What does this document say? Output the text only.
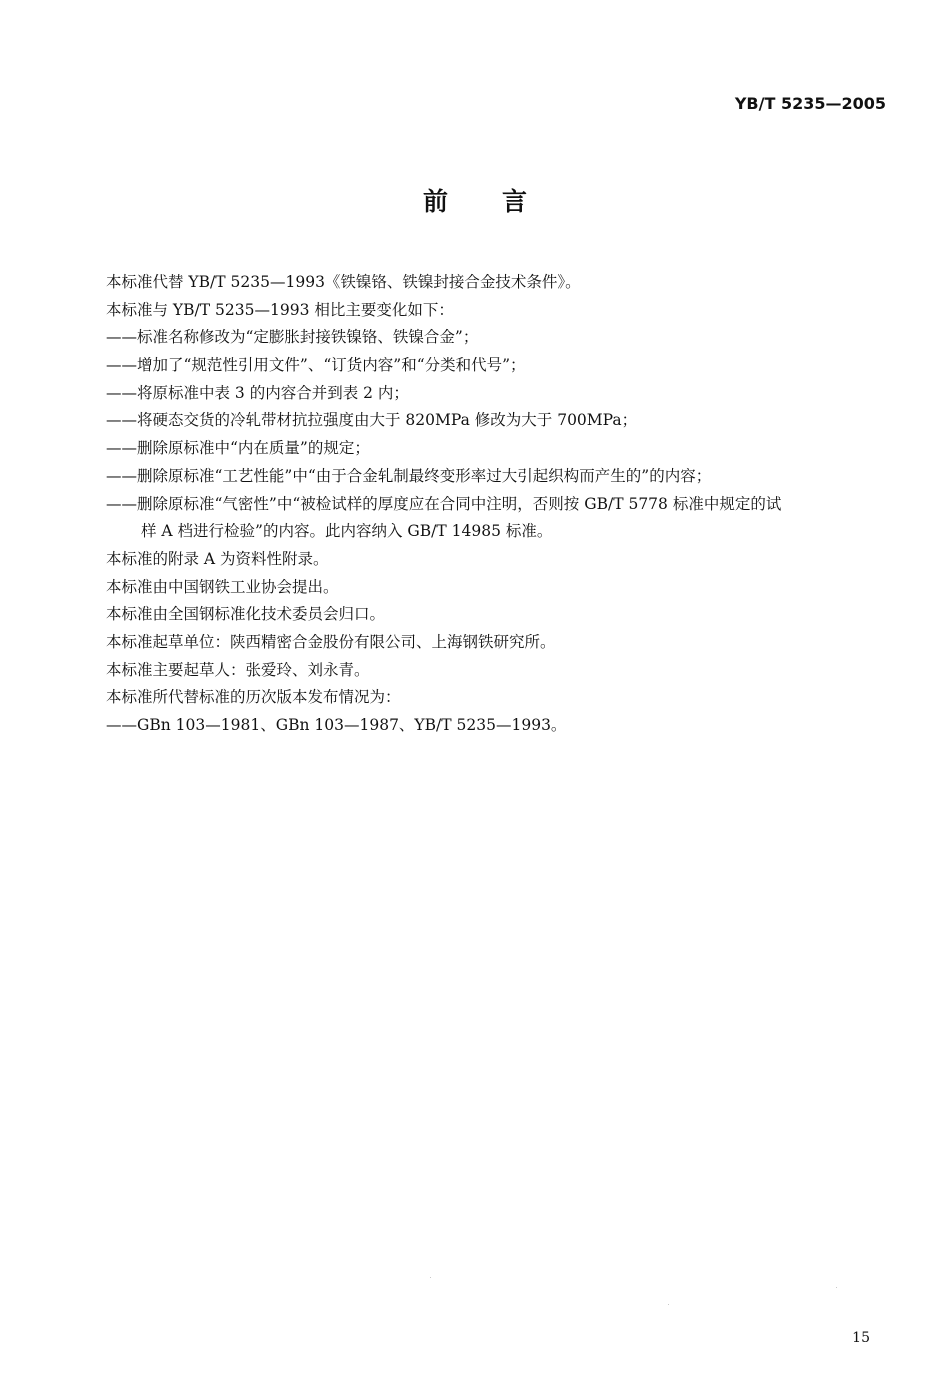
YB/T 5235—2005
前 言
本标准代替 YB/T 5235—1993《铁镍铬、铁镍封接合金技术条件》。
本标准与 YB/T 5235—1993 相比主要变化如下：
——标准名称修改为“定膨胀封接铁镍铬、铁镍合金”；
——增加了“规范性引用文件”、“订货内容”和“分类和代号”；
——将原标准中表 3 的内容合并到表 2 内；
——将硬态交货的冷轧带材抗拉强度由大于 820MPa 修改为大于 700MPa；
——删除原标准中“内在质量”的规定；
——删除原标准“工艺性能”中“由于合金轧制最终变形率过大引起织构而产生的”的内容；
——删除原标准“气密性”中“被检试样的厚度应在合同中注明，否则按 GB/T 5778 标准中规定的试
样 A 档进行检验”的内容。此内容纳入 GB/T 14985 标准。
本标准的附录 A 为资料性附录。
本标准由中国钢铁工业协会提出。
本标准由全国钢标准化技术委员会归口。
本标准起草单位：陕西精密合金股份有限公司、上海钢铁研究所。
本标准主要起草人：张爱玲、刘永青。
本标准所代替标准的历次版本发布情况为：
——GBn 103—1981、GBn 103—1987、YB/T 5235—1993。
15
